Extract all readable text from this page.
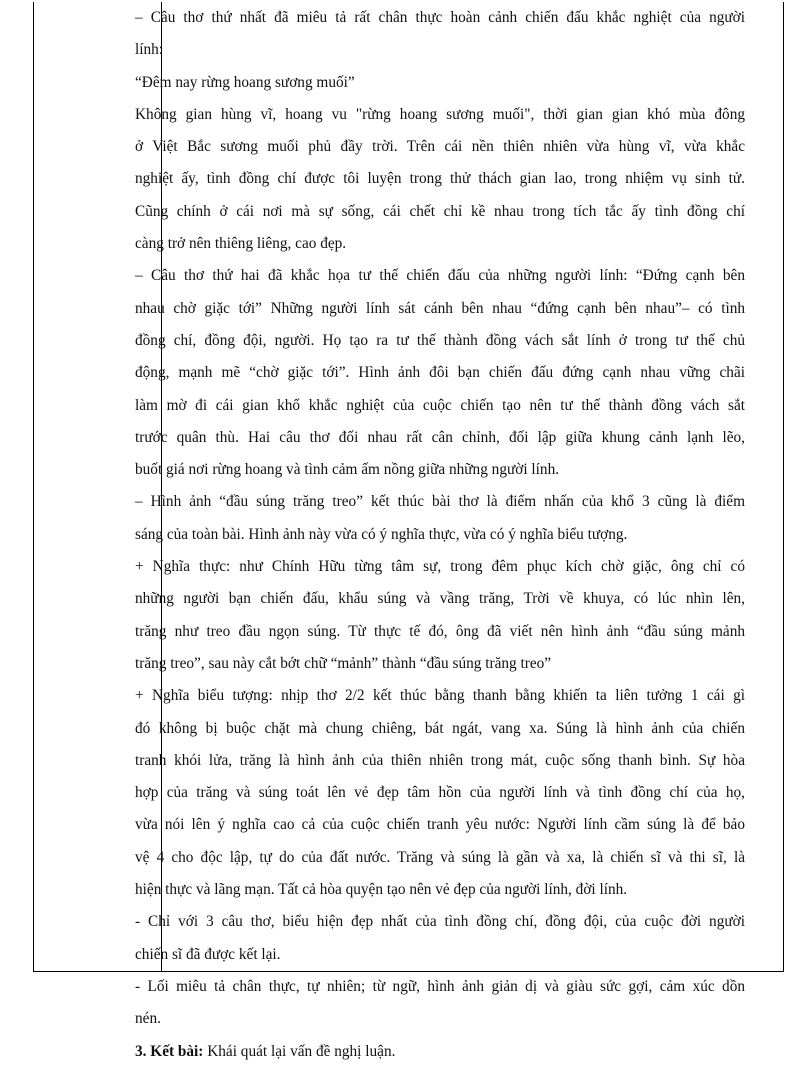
– Câu thơ thứ nhất đã miêu tả rất chân thực hoàn cảnh chiến đấu khắc nghiệt của người
lính:
“Đêm nay rừng hoang sương muối”
Không gian hùng vĩ, hoang vu "rừng hoang sương muối", thời gian gian khó mùa đông
ở Việt Bắc sương muối phủ đầy trời. Trên cái nền thiên nhiên vừa hùng vĩ, vừa khắc
nghiệt ấy, tình đồng chí được tôi luyện trong thử thách gian lao, trong nhiệm vụ sinh tử.
Cũng chính ở cái nơi mà sự sống, cái chết chỉ kề nhau trong tích tắc ấy tình đồng chí
càng trở nên thiêng liêng, cao đẹp.
– Câu thơ thứ hai đã khắc họa tư thế chiến đấu của những người lính: “Đứng cạnh bên
nhau chờ giặc tới” Những người lính sát cánh bên nhau “đứng cạnh bên nhau”– có tình
đồng chí, đồng đội, người. Họ tạo ra tư thế thành đồng vách sắt lính ở trong tư thế chủ
động, mạnh mẽ “chờ giặc tới”. Hình ảnh đôi bạn chiến đấu đứng cạnh nhau vững chãi
làm mờ đi cái gian khổ khắc nghiệt của cuộc chiến tạo nên tư thế thành đồng vách sắt
trước quân thù. Hai câu thơ đối nhau rất cân chỉnh, đối lập giữa khung cảnh lạnh lẽo,
buốt giá nơi rừng hoang và tình cảm ấm nồng giữa những người lính.
– Hình ảnh “đầu súng trăng treo” kết thúc bài thơ là điểm nhấn của khổ 3 cũng là điểm
sáng của toàn bài. Hình ảnh này vừa có ý nghĩa thực, vừa có ý nghĩa biểu tượng.
+ Nghĩa thực: như Chính Hữu từng tâm sự, trong đêm phục kích chờ giặc, ông chỉ có
những người bạn chiến đấu, khẩu súng và vầng trăng, Trời về khuya, có lúc nhìn lên,
trăng như treo đầu ngọn súng. Từ thực tế đó, ông đã viết nên hình ảnh “đầu súng mảnh
trăng treo”, sau này cắt bớt chữ “mảnh” thành “đầu súng trăng treo”
+ Nghĩa biểu tượng: nhịp thơ 2/2 kết thúc bằng thanh bằng khiến ta liên tưởng 1 cái gì
đó không bị buộc chặt mà chung chiêng, bát ngát, vang xa. Súng là hình ảnh của chiến
tranh khói lửa, trăng là hình ảnh của thiên nhiên trong mát, cuộc sống thanh bình. Sự hòa
hợp của trăng và súng toát lên vẻ đẹp tâm hồn của người lính và tình đồng chí của họ,
vừa nói lên ý nghĩa cao cả của cuộc chiến tranh yêu nước: Người lính cầm súng là để bảo
vệ 4 cho độc lập, tự do của đất nước. Trăng và súng là gần và xa, là chiến sĩ và thi sĩ, là
hiện thực và lãng mạn. Tất cả hòa quyện tạo nên vẻ đẹp của người lính, đời lính.
- Chỉ với 3 câu thơ, biểu hiện đẹp nhất của tình đồng chí, đồng đội, của cuộc đời người
chiến sĩ đã được kết lại.
- Lối miêu tả chân thực, tự nhiên; từ ngữ, hình ảnh giản dị và giàu sức gợi, cảm xúc dồn
nén.
3. Kết bài: Khái quát lại vấn đề nghị luận.
